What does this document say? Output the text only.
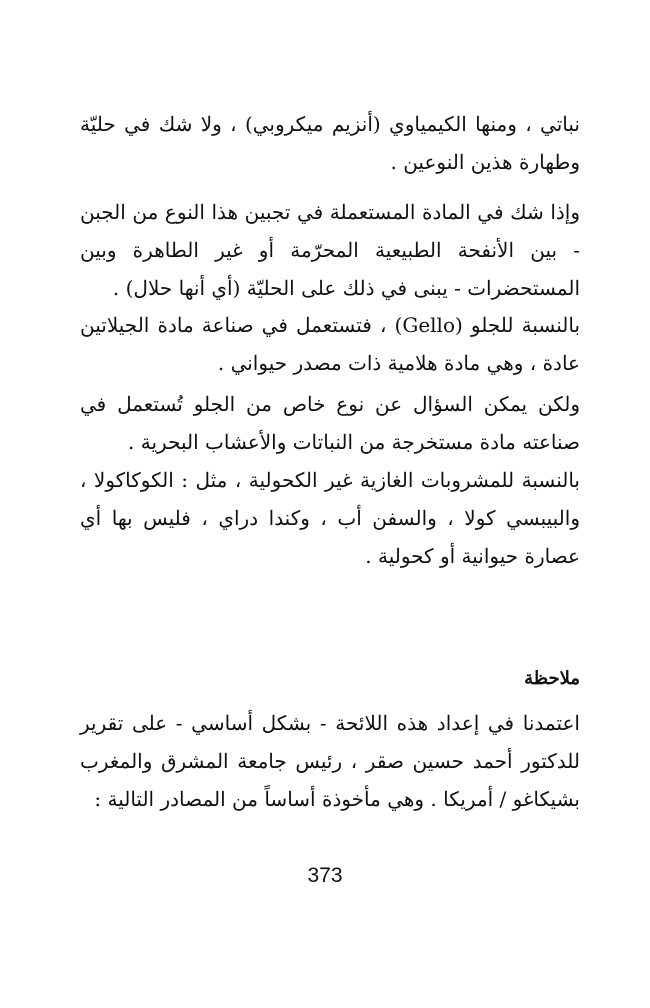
نباتي ، ومنها الكيمياوي (أنزيم ميكروبي) ، ولا شك في حليّة وطهارة هذين النوعين .

وإذا شك في المادة المستعملة في تجبين هذا النوع من الجبن - بين الأنفحة الطبيعية المحرّمة أو غير الطاهرة وبين المستحضرات - يبنى في ذلك على الحليّة (أي أنها حلال) .

بالنسبة للجلو (Gello) ، فتستعمل في صناعة مادة الجيلاتين عادة ، وهي مادة هلامية ذات مصدر حيواني .

ولكن يمكن السؤال عن نوع خاص من الجلو تُستعمل في صناعته مادة مستخرجة من النباتات والأعشاب البحرية .

بالنسبة للمشروبات الغازية غير الكحولية ، مثل : الكوكاكولا ، والبيبسي كولا ، والسفن أب ، وكندا دراي ، فليس بها أي عصارة حيوانية أو كحولية .

ملاحظة

اعتمدنا في إعداد هذه اللائحة - بشكل أساسي - على تقرير للدكتور أحمد حسين صقر ، رئيس جامعة المشرق والمغرب بشيكاغو / أمريكا . وهي مأخوذة أساساً من المصادر التالية :

373
